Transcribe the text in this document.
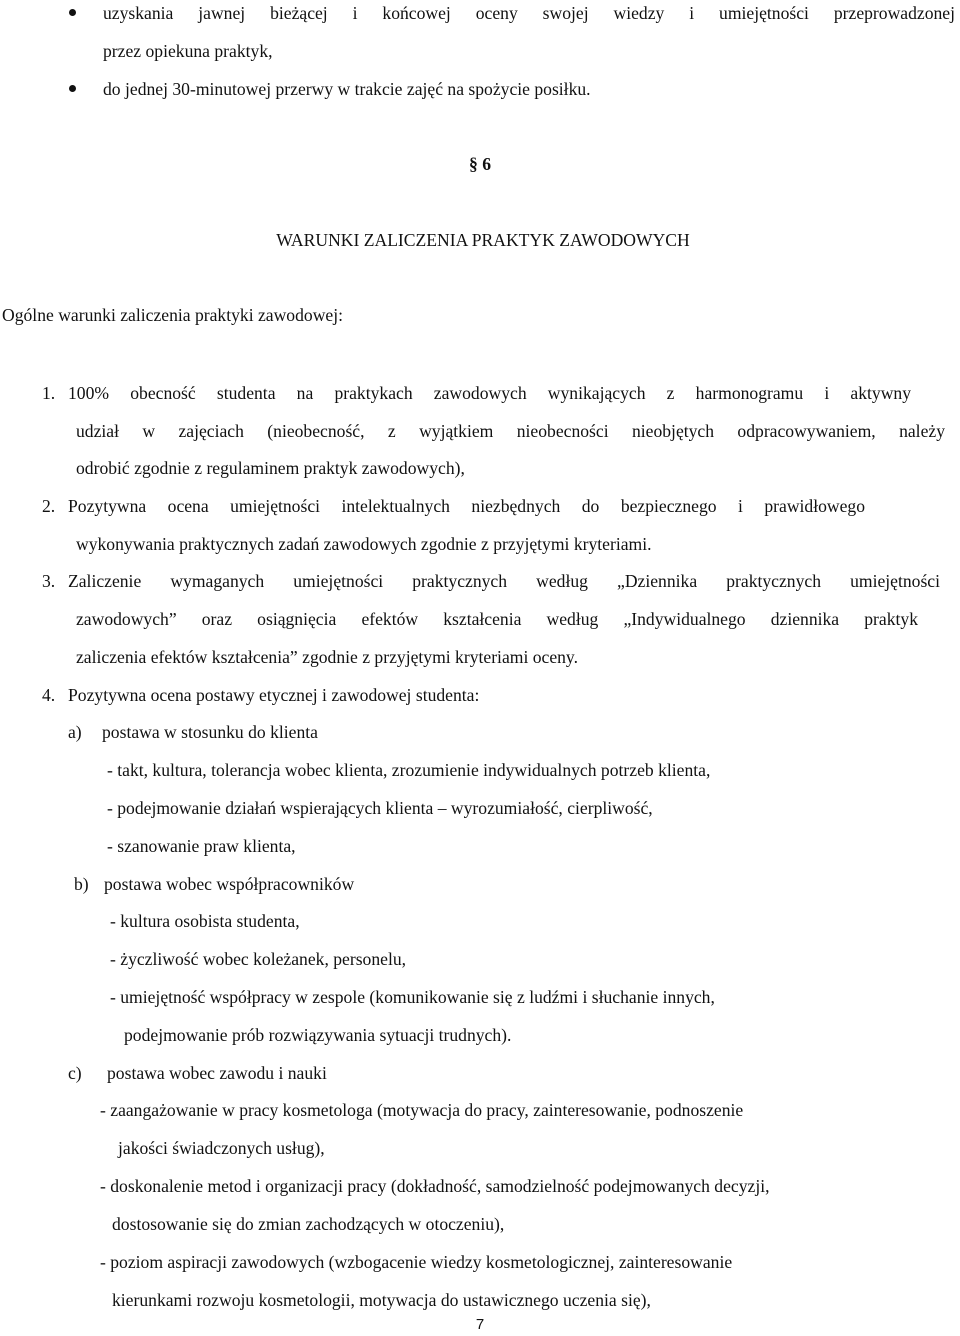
uzyskania jawnej bieżącej i końcowej oceny swojej wiedzy i umiejętności przeprowadzonej
przez opiekuna praktyk,
do jednej 30-minutowej przerwy w trakcie zajęć na spożycie posiłku.
§ 6
WARUNKI ZALICZENIA PRAKTYK ZAWODOWYCH
Ogólne warunki zaliczenia praktyki zawodowej:
1. 100% obecność studenta na praktykach zawodowych wynikających z harmonogramu i aktywny
udział w zajęciach (nieobecność, z wyjątkiem nieobecności nieobjętych odpracowywaniem, należy
odrobić zgodnie z regulaminem praktyk zawodowych),
2. Pozytywna ocena umiejętności intelektualnych niezbędnych do bezpiecznego i prawidłowego
wykonywania praktycznych zadań zawodowych zgodnie z przyjętymi kryteriami.
3. Zaliczenie wymaganych umiejętności praktycznych według „Dziennika praktycznych umiejętności
zawodowych” oraz osiągnięcia efektów kształcenia według „Indywidualnego dziennika praktyk
zaliczenia efektów kształcenia” zgodnie z przyjętymi kryteriami oceny.
4. Pozytywna ocena postawy etycznej i zawodowej studenta:
a) postawa w stosunku do klienta
- takt, kultura, tolerancja wobec klienta, zrozumienie indywidualnych potrzeb klienta,
- podejmowanie działań wspierających klienta – wyrozumiałość, cierpliwość,
- szanowanie praw klienta,
b) postawa wobec współpracowników
- kultura osobista studenta,
- życzliwość wobec koleżanek, personelu,
- umiejętność współpracy w zespole (komunikowanie się z ludźmi i słuchanie innych,
podejmowanie prób rozwiązywania sytuacji trudnych).
c) postawa wobec zawodu i nauki
- zaangażowanie w pracy kosmetologa (motywacja do pracy, zainteresowanie, podnoszenie
jakości świadczonych usług),
- doskonalenie metod i organizacji pracy (dokładność, samodzielność podejmowanych decyzji,
dostosowanie się do zmian zachodzących w otoczeniu),
- poziom aspiracji zawodowych (wzbogacenie wiedzy kosmetologicznej, zainteresowanie
kierunkami rozwoju kosmetologii, motywacja do ustawicznego uczenia się),
7
